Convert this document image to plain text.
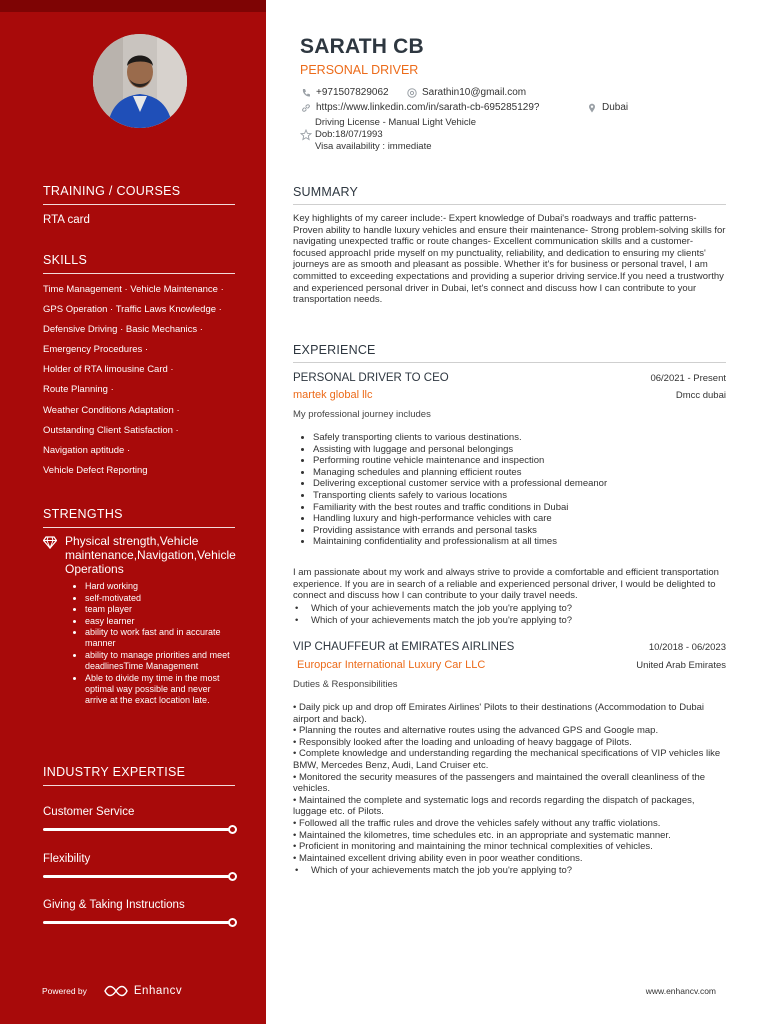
TRAINING / COURSES
RTA card
SKILLS
Time Management · Vehicle Maintenance ·
GPS Operation · Traffic Laws Knowledge ·
Defensive Driving · Basic Mechanics ·
Emergency Procedures ·
Holder of RTA limousine Card ·
Route Planning ·
Weather Conditions Adaptation ·
Outstanding Client Satisfaction ·
Navigation aptitude ·
Vehicle Defect Reporting
STRENGTHS
Physical strength,Vehicle maintenance,Navigation,Vehicle Operations
• Hard working
• self-motivated
• team player
• easy learner
• ability to work fast and in accurate manner
• ability to manage priorities and meet deadlinesTime Management
• Able to divide my time in the most optimal way possible and never arrive at the exact location late.
INDUSTRY EXPERTISE
Customer Service
Flexibility
Giving & Taking Instructions
Powered by	Enhancv
SARATH CB
PERSONAL DRIVER
+971507829062	Sarathin10@gmail.com
https://www.linkedin.com/in/sarath-cb-695285129?	Dubai
Driving License - Manual Light Vehicle
Dob:18/07/1993
Visa availability : immediate
SUMMARY
Key highlights of my career include:- Expert knowledge of Dubai's roadways and traffic patterns- Proven ability to handle luxury vehicles and ensure their maintenance- Strong problem-solving skills for navigating unexpected traffic or route changes- Excellent communication skills and a customer-focused approachI pride myself on my punctuality, reliability, and dedication to ensuring my clients' journeys are as smooth and pleasant as possible. Whether it's for business or personal travel, I am committed to exceeding expectations and providing a superior driving service.If you need a trustworthy and experienced personal driver in Dubai, let's connect and discuss how I can contribute to your transportation needs.
EXPERIENCE
PERSONAL DRIVER TO CEO	06/2021 - Present
martek global llc	Dmcc dubai
My professional journey includes
• Safely transporting clients to various destinations.
• Assisting with luggage and personal belongings
• Performing routine vehicle maintenance and inspection
• Managing schedules and planning efficient routes
• Delivering exceptional customer service with a professional demeanor
• Transporting clients safely to various locations
• Familiarity with the best routes and traffic conditions in Dubai
• Handling luxury and high-performance vehicles with care
• Providing assistance with errands and personal tasks
• Maintaining confidentiality and professionalism at all times
I am passionate about my work and always strive to provide a comfortable and efficient transportation experience. If you are in search of a reliable and experienced personal driver, I would be delighted to connect and discuss how I can contribute to your daily travel needs.
• Which of your achievements match the job you're applying to?
• Which of your achievements match the job you're applying to?
VIP CHAUFFEUR at EMIRATES AIRLINES	10/2018 - 06/2023
Europcar International Luxury Car LLC	United Arab Emirates
Duties & Responsibilities
• Daily pick up and drop off Emirates Airlines' Pilots to their destinations (Accommodation to Dubai airport and back).
• Planning the routes and alternative routes using the advanced GPS and Google map.
• Responsibly looked after the loading and unloading of heavy baggage of Pilots.
• Complete knowledge and understanding regarding the mechanical specifications of VIP vehicles like BMW, Mercedes Benz, Audi, Land Cruiser etc.
• Monitored the security measures of the passengers and maintained the overall cleanliness of the vehicles.
• Maintained the complete and systematic logs and records regarding the dispatch of packages, luggage etc. of Pilots.
• Followed all the traffic rules and drove the vehicles safely without any traffic violations.
• Maintained the kilometres, time schedules etc. in an appropriate and systematic manner.
• Proficient in monitoring and maintaining the minor technical complexities of vehicles.
• Maintained excellent driving ability even in poor weather conditions.
• Which of your achievements match the job you're applying to?
www.enhancv.com
